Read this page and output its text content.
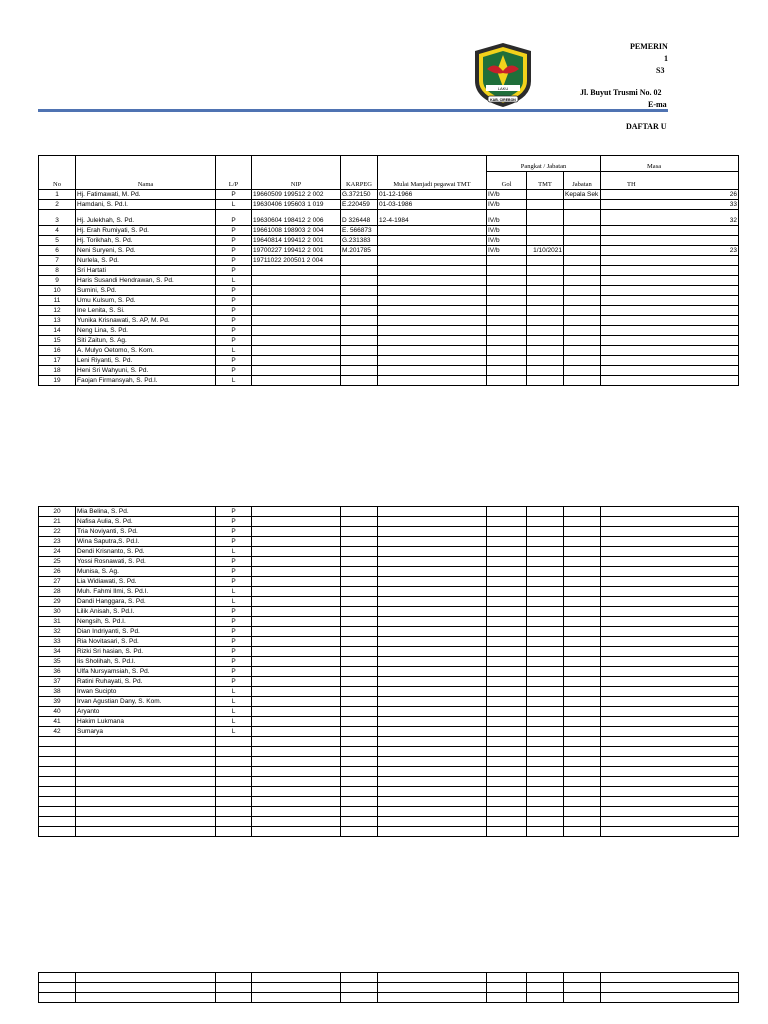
PEMERIN
1
S3
Jl. Buyut Trusmi No. 02
E-ma
DAFTAR U
LAKU
KAB. CIREBON
No	Nama	L/P	NIP	KARPEG	Mulai Manjadi pegawai TMT	Pangkat / Jabatan			Masa
						Gol	TMT	Jabatan	TH
1	Hj. Fatimawati, M. Pd.	P	19660509 199512 2 002	G.372150	01-12-1966	IV/b		Kepala Sek	26
2	Hamdani, S. Pd.I.	L	19630406 195603 1 019	E.220459	01-03-1986	IV/b			33
3	Hj. Julekhah, S. Pd.	P	19630604 198412 2 006	D 326448	12-4-1984	IV/b			32
4	Hj. Erah Rumiyati, S. Pd.	P	19661008 198903 2 004	E. 566873		IV/b			
5	Hj. Torikhah, S. Pd.	P	19640814 199412 2 001	G.231383		IV/b			
6	Neni Suryeni, S. Pd.	P	19700227 199412 2 001	M.201785		IV/b	1/10/2021		23
7	Nurlela, S. Pd.	P	19711022 200501 2 004						
8	Sri Hartati	P							
9	Haris Susandi Hendrawan, S. Pd.	L							
10	Sumini, S.Pd.	P							
11	Umu Kulsum, S. Pd.	P							
12	Ine Lenita, S. Si.	P							
13	Yunika Krisnawati, S. AP, M. Pd.	P							
14	Neng Lina, S. Pd.	P							
15	Siti Zaitun, S. Ag.	P							
16	A. Mulyo Oetomo, S. Kom.	L							
17	Leni Riyanti, S. Pd.	P							
18	Heni Sri Wahyuni, S. Pd.	P							
19	Faojan Firmansyah, S. Pd.I.	L							
20	Mia Belina, S. Pd.	P							
21	Nafisa Aulia, S. Pd.	P							
22	Tria Noviyanti, S. Pd.	P							
23	Wina Saputra,S. Pd.I.	P							
24	Dendi Krisnanto, S. Pd.	L							
25	Yossi Rosnawati, S. Pd.	P							
26	Munisa, S. Ag.	P							
27	Lia Widiawati, S. Pd.	P							
28	Muh. Fahmi Ilmi, S. Pd.I.	L							
29	Dandi Hanggara, S. Pd.	L							
30	Lilik Anisah, S. Pd.I.	P							
31	Nengsih, S. Pd.I.	P							
32	Dian Indriyanti, S. Pd.	P							
33	Ria Novitasari, S. Pd.	P							
34	Rizki Sri hasian, S. Pd.	P							
35	Iis Sholihah, S. Pd.I.	P							
36	Ulfa Nursyamsiah, S. Pd.	P							
37	Ratini Ruhayati, S. Pd.	P							
38	Irwan Sucipto	L							
39	Irvan Agustian Dany, S. Kom.	L							
40	Aryanto	L							
41	Hakim Lukmana	L							
42	Sumarya	L							
